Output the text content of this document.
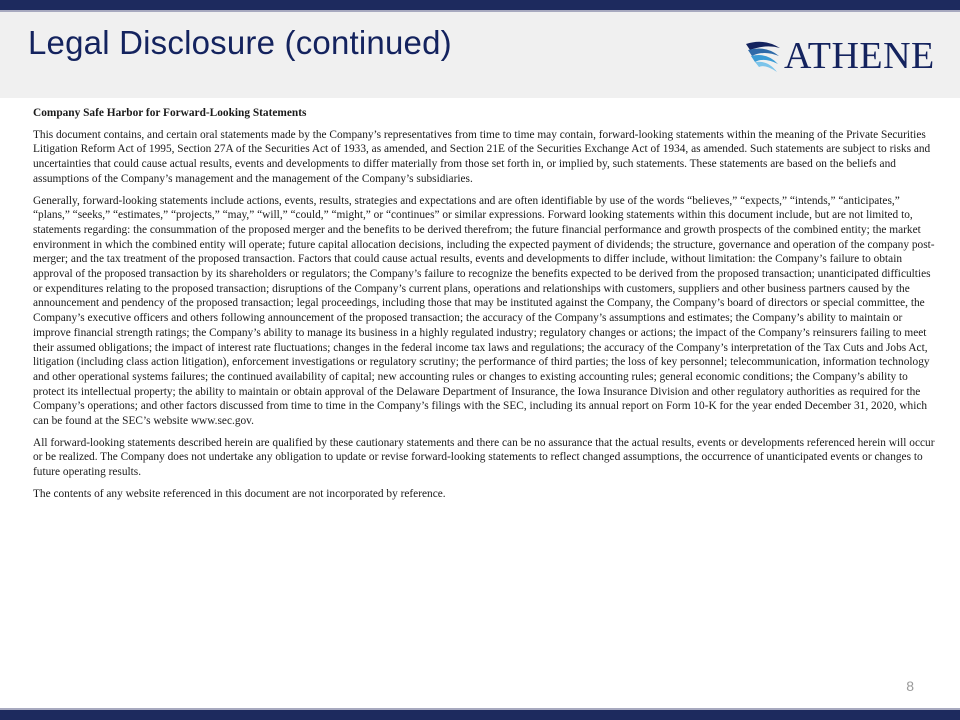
Legal Disclosure (continued)	ATHENE

Company Safe Harbor for Forward-Looking Statements

This document contains, and certain oral statements made by the Company’s representatives from time to time may contain, forward-looking statements within the meaning of the Private Securities Litigation Reform Act of 1995, Section 27A of the Securities Act of 1933, as amended, and Section 21E of the Securities Exchange Act of 1934, as amended. Such statements are subject to risks and uncertainties that could cause actual results, events and developments to differ materially from those set forth in, or implied by, such statements. These statements are based on the beliefs and assumptions of the Company’s management and the management of the Company’s subsidiaries.

Generally, forward-looking statements include actions, events, results, strategies and expectations and are often identifiable by use of the words “believes,” “expects,” “intends,” “anticipates,” “plans,” “seeks,” “estimates,” “projects,” “may,” “will,” “could,” “might,” or “continues” or similar expressions. Forward looking statements within this document include, but are not limited to, statements regarding: the consummation of the proposed merger and the benefits to be derived therefrom; the future financial performance and growth prospects of the combined entity; the market environment in which the combined entity will operate; future capital allocation decisions, including the expected payment of dividends; the structure, governance and operation of the company post-merger; and the tax treatment of the proposed transaction. Factors that could cause actual results, events and developments to differ include, without limitation: the Company’s failure to obtain approval of the proposed transaction by its shareholders or regulators; the Company’s failure to recognize the benefits expected to be derived from the proposed transaction; unanticipated difficulties or expenditures relating to the proposed transaction; disruptions of the Company’s current plans, operations and relationships with customers, suppliers and other business partners caused by the announcement and pendency of the proposed transaction; legal proceedings, including those that may be instituted against the Company, the Company’s board of directors or special committee, the Company’s executive officers and others following announcement of the proposed transaction; the accuracy of the Company’s assumptions and estimates; the Company’s ability to maintain or improve financial strength ratings; the Company’s ability to manage its business in a highly regulated industry; regulatory changes or actions; the impact of the Company’s reinsurers failing to meet their assumed obligations; the impact of interest rate fluctuations; changes in the federal income tax laws and regulations; the accuracy of the Company’s interpretation of the Tax Cuts and Jobs Act, litigation (including class action litigation), enforcement investigations or regulatory scrutiny; the performance of third parties; the loss of key personnel; telecommunication, information technology and other operational systems failures; the continued availability of capital; new accounting rules or changes to existing accounting rules; general economic conditions; the Company’s ability to protect its intellectual property; the ability to maintain or obtain approval of the Delaware Department of Insurance, the Iowa Insurance Division and other regulatory authorities as required for the Company’s operations; and other factors discussed from time to time in the Company’s filings with the SEC, including its annual report on Form 10-K for the year ended December 31, 2020, which can be found at the SEC’s website www.sec.gov.

All forward-looking statements described herein are qualified by these cautionary statements and there can be no assurance that the actual results, events or developments referenced herein will occur or be realized. The Company does not undertake any obligation to update or revise forward-looking statements to reflect changed assumptions, the occurrence of unanticipated events or changes to future operating results.

The contents of any website referenced in this document are not incorporated by reference.

8
